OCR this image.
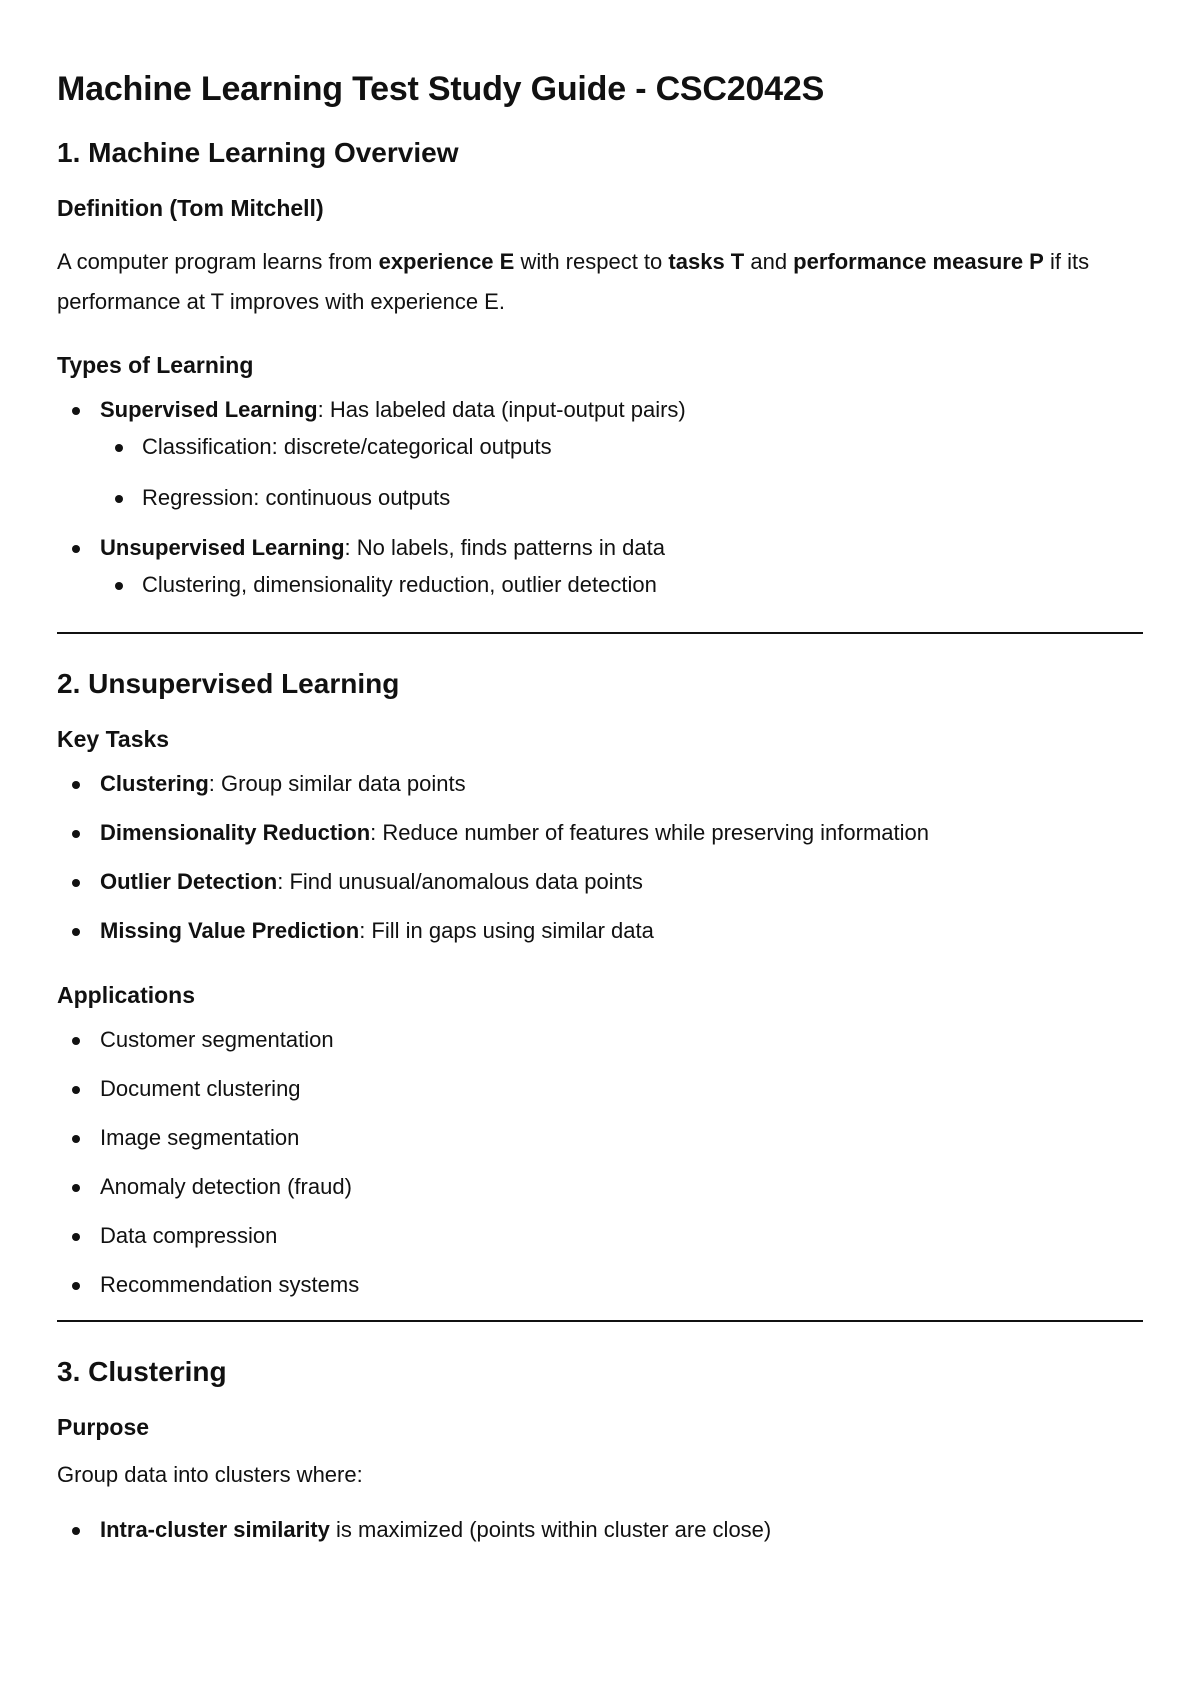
Machine Learning Test Study Guide - CSC2042S
1. Machine Learning Overview
Definition (Tom Mitchell)

A computer program learns from experience E with respect to tasks T and performance measure P if its performance at T improves with experience E.

Types of Learning
Supervised Learning: Has labeled data (input-output pairs)
Classification: discrete/categorical outputs
Regression: continuous outputs
Unsupervised Learning: No labels, finds patterns in data
Clustering, dimensionality reduction, outlier detection
2. Unsupervised Learning
Key Tasks
Clustering: Group similar data points
Dimensionality Reduction: Reduce number of features while preserving information
Outlier Detection: Find unusual/anomalous data points
Missing Value Prediction: Fill in gaps using similar data
Applications
Customer segmentation
Document clustering
Image segmentation
Anomaly detection (fraud)
Data compression
Recommendation systems
3. Clustering
Purpose

Group data into clusters where:

Intra-cluster similarity is maximized (points within cluster are close)
